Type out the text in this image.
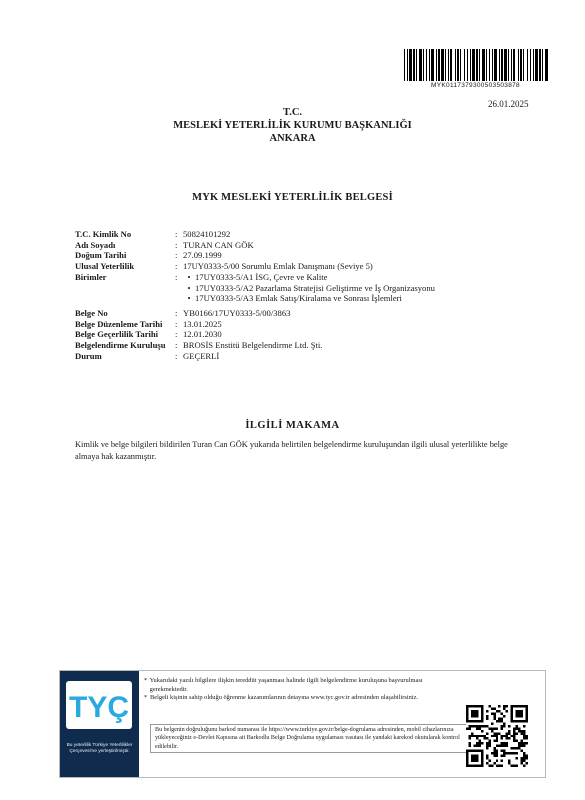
MYK0117379300503503878
26.01.2025
T.C.
MESLEKİ YETERLİLİK KURUMU BAŞKANLIĞI
ANKARA
MYK MESLEKİ YETERLİLİK BELGESİ
T.C. Kimlik No	: 50824101292
Adı Soyadı	: TURAN CAN GÖK
Doğum Tarihi	: 27.09.1999
Ulusal Yeterlilik	: 17UY0333-5/00 Sorumlu Emlak Danışmanı (Seviye 5)
Birimler	:	• 17UY0333-5/A1 İSG, Çevre ve Kalite
• 17UY0333-5/A2 Pazarlama Stratejisi Geliştirme ve İş Organizasyonu
• 17UY0333-5/A3 Emlak Satış/Kiralama ve Sonrası İşlemleri
Belge No	: YB0166/17UY0333-5/00/3863
Belge Düzenleme Tarihi	: 13.01.2025
Belge Geçerlilik Tarihi	: 12.01.2030
Belgelendirme Kuruluşu	: BROSİS Enstitü Belgelendirme Ltd. Şti.
Durum	: GEÇERLİ
İLGİLİ MAKAMA
Kimlik ve belge bilgileri bildirilen Turan Can GÖK yukarıda belirtilen belgelendirme kuruluşundan ilgili ulusal yeterlilikte belge almaya hak kazanmıştır.
TYÇ
Bu yeterlilik Türkiye Yeterlilikler Çerçevesi'ne yerleştirilmiştir.
* Yukarıdaki yazılı bilgilere ilişkin tereddüt yaşanması halinde ilgili belgelendirme kuruluşuna başvurulması gerekmektedir.
* Belgeli kişinin sahip olduğu öğrenme kazanımlarının detayına www.tyc.gov.tr adresinden ulaşabilirsiniz.
Bu belgenin doğruluğunu barkod numarası ile https://www.turkiye.gov.tr/belge-dogrulama adresinden, mobil cihazlarınıza yükleyeceğiniz e-Devlet Kapısına ait Barkodlu Belge Doğrulama uygulaması vasıtası ile yandaki karekod okutularak kontrol edilebilir.
